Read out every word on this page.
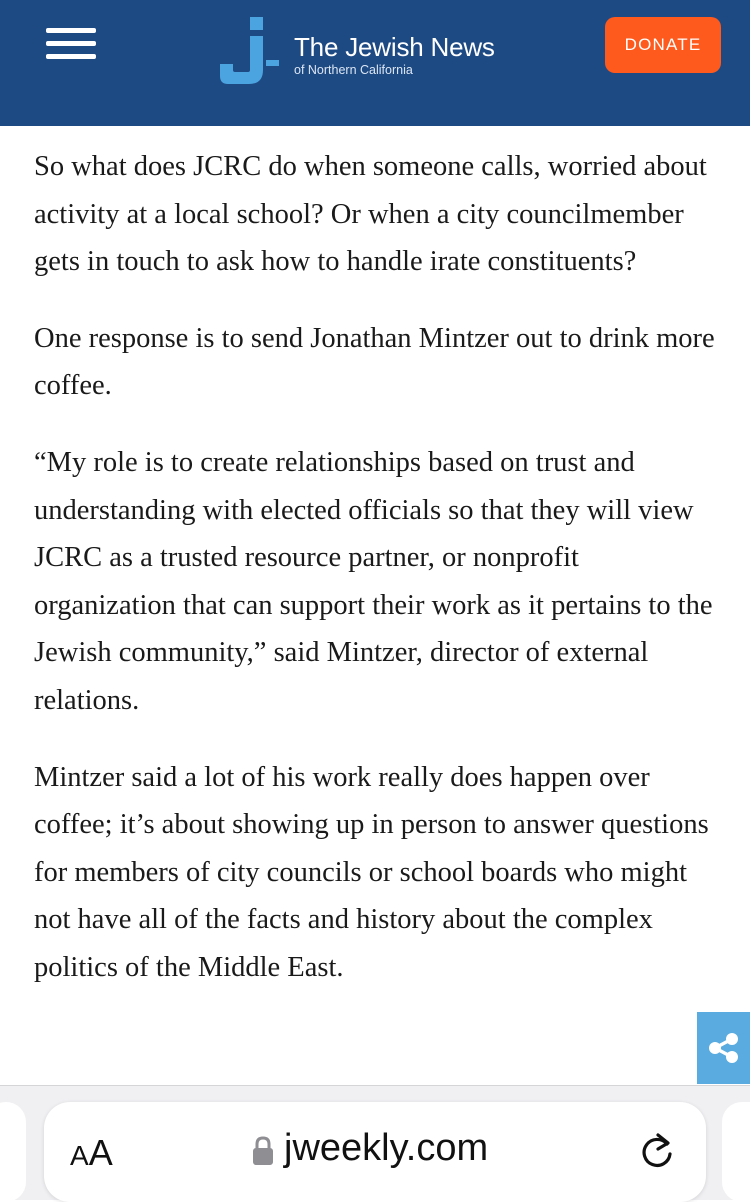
The Jewish News
of Northern California
DONATE

So what does JCRC do when someone calls, worried about activity at a local school? Or when a city councilmember gets in touch to ask how to handle irate constituents?

One response is to send Jonathan Mintzer out to drink more coffee.

“My role is to create relationships based on trust and understanding with elected officials so that they will view JCRC as a trusted resource partner, or nonprofit organization that can support their work as it pertains to the Jewish community,” said Mintzer, director of external relations.

Mintzer said a lot of his work really does happen over coffee; it’s about showing up in person to answer questions for members of city councils or school boards who might not have all of the facts and history about the complex politics of the Middle East.

AA	jweekly.com
